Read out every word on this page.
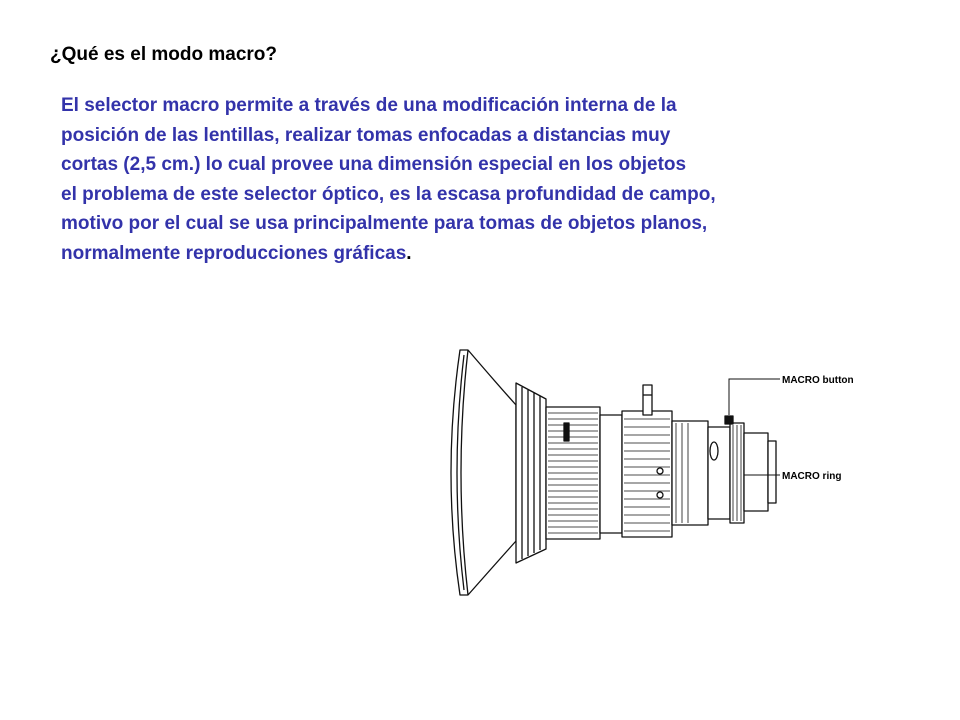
¿Qué es el modo macro?
El selector macro permite a través de una modificación interna de la
posición de las lentillas, realizar tomas enfocadas a distancias muy
cortas (2,5 cm.) lo cual provee una dimensión especial en los objetos
el problema de este selector óptico, es la escasa profundidad de campo,
motivo por el cual se usa principalmente para tomas de objetos planos,
normalmente reproducciones gráficas.
MACRO button
MACRO ring
